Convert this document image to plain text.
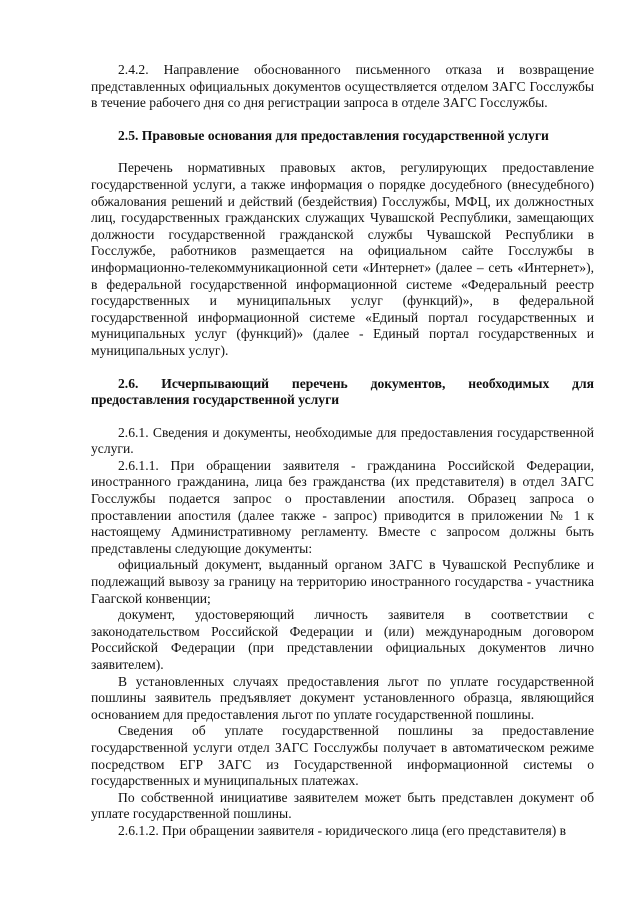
2.4.2. Направление обоснованного письменного отказа и возвращение представленных официальных документов осуществляется отделом ЗАГС Госслужбы в течение рабочего дня со дня регистрации запроса в отделе ЗАГС Госслужбы.

2.5. Правовые основания для предоставления государственной услуги

Перечень нормативных правовых актов, регулирующих предоставление государственной услуги, а также информация о порядке досудебного (внесудебного) обжалования решений и действий (бездействия) Госслужбы, МФЦ, их должностных лиц, государственных гражданских служащих Чувашской Республики, замещающих должности государственной гражданской службы Чувашской Республики в Госслужбе, работников размещается на официальном сайте Госслужбы в информационно-телекоммуникационной сети «Интернет» (далее – сеть «Интернет»), в федеральной государственной информационной системе «Федеральный реестр государственных и муниципальных услуг (функций)», в федеральной государственной информационной системе «Единый портал государственных и муниципальных услуг (функций)» (далее - Единый портал государственных и муниципальных услуг).

2.6. Исчерпывающий перечень документов, необходимых для предоставления государственной услуги

2.6.1. Сведения и документы, необходимые для предоставления государственной услуги.

2.6.1.1. При обращении заявителя - гражданина Российской Федерации, иностранного гражданина, лица без гражданства (их представителя) в отдел ЗАГС Госслужбы подается запрос о проставлении апостиля. Образец запроса о проставлении апостиля (далее также - запрос) приводится в приложении № 1 к настоящему Административному регламенту. Вместе с запросом должны быть представлены следующие документы:

официальный документ, выданный органом ЗАГС в Чувашской Республике и подлежащий вывозу за границу на территорию иностранного государства - участника Гаагской конвенции;

документ, удостоверяющий личность заявителя в соответствии с законодательством Российской Федерации и (или) международным договором Российской Федерации (при представлении официальных документов лично заявителем).

В установленных случаях предоставления льгот по уплате государственной пошлины заявитель предъявляет документ установленного образца, являющийся основанием для предоставления льгот по уплате государственной пошлины.

Сведения об уплате государственной пошлины за предоставление государственной услуги отдел ЗАГС Госслужбы получает в автоматическом режиме посредством ЕГР ЗАГС из Государственной информационной системы о государственных и муниципальных платежах.

По собственной инициативе заявителем может быть представлен документ об уплате государственной пошлины.

2.6.1.2. При обращении заявителя - юридического лица (его представителя) в
